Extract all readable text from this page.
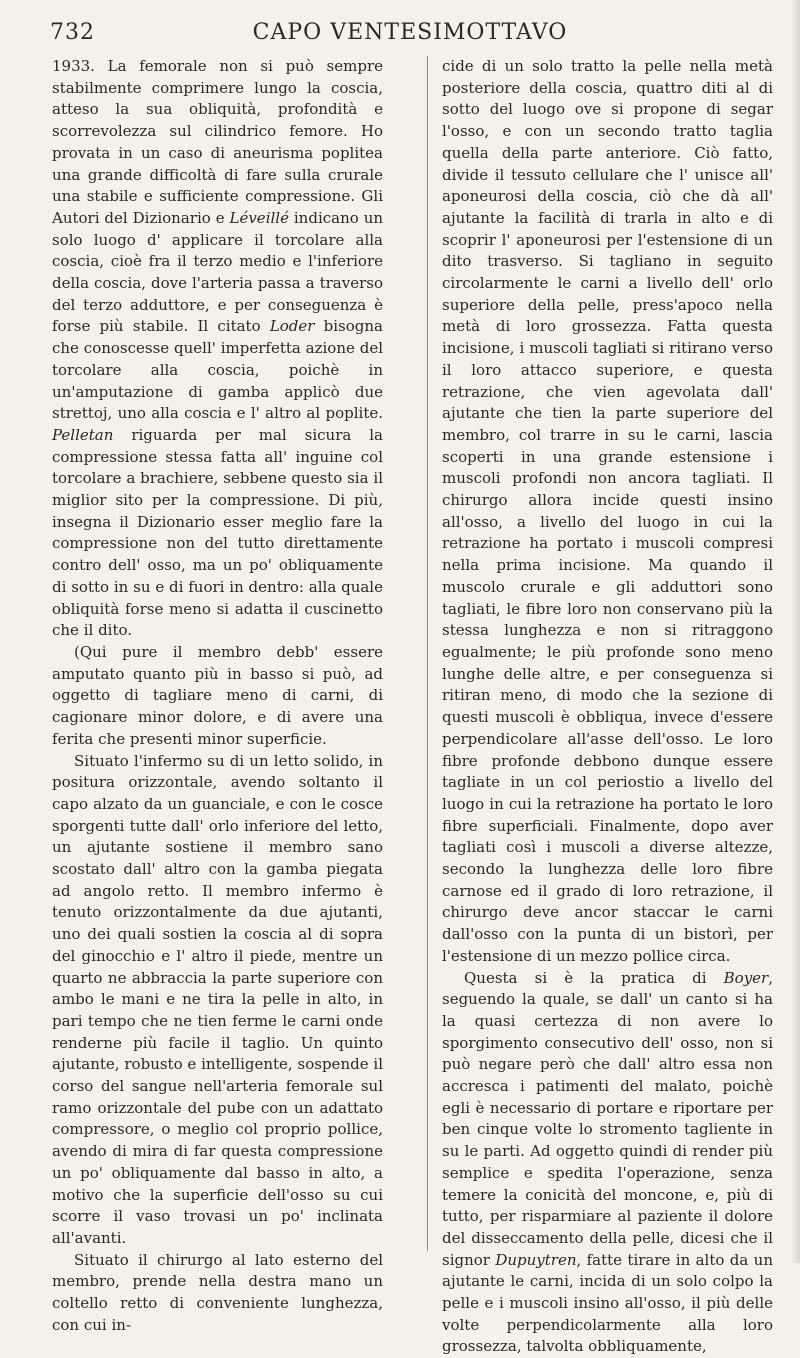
732	CAPO VENTESIMOTTAVO

1933. La femorale non si può sempre stabilmente comprimere lungo la coscia, atteso la sua obliquità, profondità e scorrevolezza sul cilindrico femore. Ho provata in un caso di aneurisma poplitea una grande difficoltà di fare sulla crurale una stabile e sufficiente compressione. Gli Autori del Dizionario e Léveillé indicano un solo luogo d' applicare il torcolare alla coscia, cioè fra il terzo medio e l'inferiore della coscia, dove l'arteria passa a traverso del terzo adduttore, e per conseguenza è forse più stabile. Il citato Loder bisogna che conoscesse quell' imperfetta azione del torcolare alla coscia, poichè in un'amputazione di gamba applicò due strettoj, uno alla coscia e l' altro al poplite. Pelletan riguarda per mal sicura la compressione stessa fatta all' inguine col torcolare a brachiere, sebbene questo sia il miglior sito per la compressione. Di più, insegna il Dizionario esser meglio fare la compressione non del tutto direttamente contro dell' osso, ma un po' obliquamente di sotto in su e di fuori in dentro: alla quale obliquità forse meno si adatta il cuscinetto che il dito.

(Qui pure il membro debb' essere amputato quanto più in basso si può, ad oggetto di tagliare meno di carni, di cagionare minor dolore, e di avere una ferita che presenti minor superficie.

Situato l'infermo su di un letto solido, in positura orizzontale, avendo soltanto il capo alzato da un guanciale, e con le cosce sporgenti tutte dall' orlo inferiore del letto, un ajutante sostiene il membro sano scostato dall' altro con la gamba piegata ad angolo retto. Il membro infermo è tenuto orizzontalmente da due ajutanti, uno dei quali sostien la coscia al di sopra del ginocchio e l' altro il piede, mentre un quarto ne abbraccia la parte superiore con ambo le mani e ne tira la pelle in alto, in pari tempo che ne tien ferme le carni onde renderne più facile il taglio. Un quinto ajutante, robusto e intelligente, sospende il corso del sangue nell'arteria femorale sul ramo orizzontale del pube con un adattato compressore, o meglio col proprio pollice, avendo di mira di far questa compressione un po' obliquamente dal basso in alto, a motivo che la superficie dell'osso su cui scorre il vaso trovasi un po' inclinata all'avanti.

Situato il chirurgo al lato esterno del membro, prende nella destra mano un coltello retto di conveniente lunghezza, con cui in-

cide di un solo tratto la pelle nella metà posteriore della coscia, quattro diti al di sotto del luogo ove si propone di segar l'osso, e con un secondo tratto taglia quella della parte anteriore. Ciò fatto, divide il tessuto cellulare che l' unisce all' aponeurosi della coscia, ciò che dà all' ajutante la facilità di trarla in alto e di scoprir l' aponeurosi per l'estensione di un dito trasverso. Si tagliano in seguito circolarmente le carni a livello dell' orlo superiore della pelle, press'apoco nella metà di loro grossezza. Fatta questa incisione, i muscoli tagliati si ritirano verso il loro attacco superiore, e questa retrazione, che vien agevolata dall' ajutante che tien la parte superiore del membro, col trarre in su le carni, lascia scoperti in una grande estensione i muscoli profondi non ancora tagliati. Il chirurgo allora incide questi insino all'osso, a livello del luogo in cui la retrazione ha portato i muscoli compresi nella prima incisione. Ma quando il muscolo crurale e gli adduttori sono tagliati, le fibre loro non conservano più la stessa lunghezza e non si ritraggono egualmente; le più profonde sono meno lunghe delle altre, e per conseguenza si ritiran meno, di modo che la sezione di questi muscoli è obbliqua, invece d'essere perpendicolare all'asse dell'osso. Le loro fibre profonde debbono dunque essere tagliate in un col periostio a livello del luogo in cui la retrazione ha portato le loro fibre superficiali. Finalmente, dopo aver tagliati così i muscoli a diverse altezze, secondo la lunghezza delle loro fibre carnose ed il grado di loro retrazione, il chirurgo deve ancor staccar le carni dall'osso con la punta di un bistorì, per l'estensione di un mezzo pollice circa.

Questa si è la pratica di Boyer, seguendo la quale, se dall' un canto si ha la quasi certezza di non avere lo sporgimento consecutivo dell' osso, non si può negare però che dall' altro essa non accresca i patimenti del malato, poichè egli è necessario di portare e riportare per ben cinque volte lo stromento tagliente in su le parti. Ad oggetto quindi di render più semplice e spedita l'operazione, senza temere la conicità del moncone, e, più di tutto, per risparmiare al paziente il dolore del disseccamento della pelle, dicesi che il signor Dupuytren, fatte tirare in alto da un ajutante le carni, incida di un solo colpo la pelle e i muscoli insino all'osso, il più delle volte perpendicolarmente alla loro grossezza, talvolta obbliquamente,
